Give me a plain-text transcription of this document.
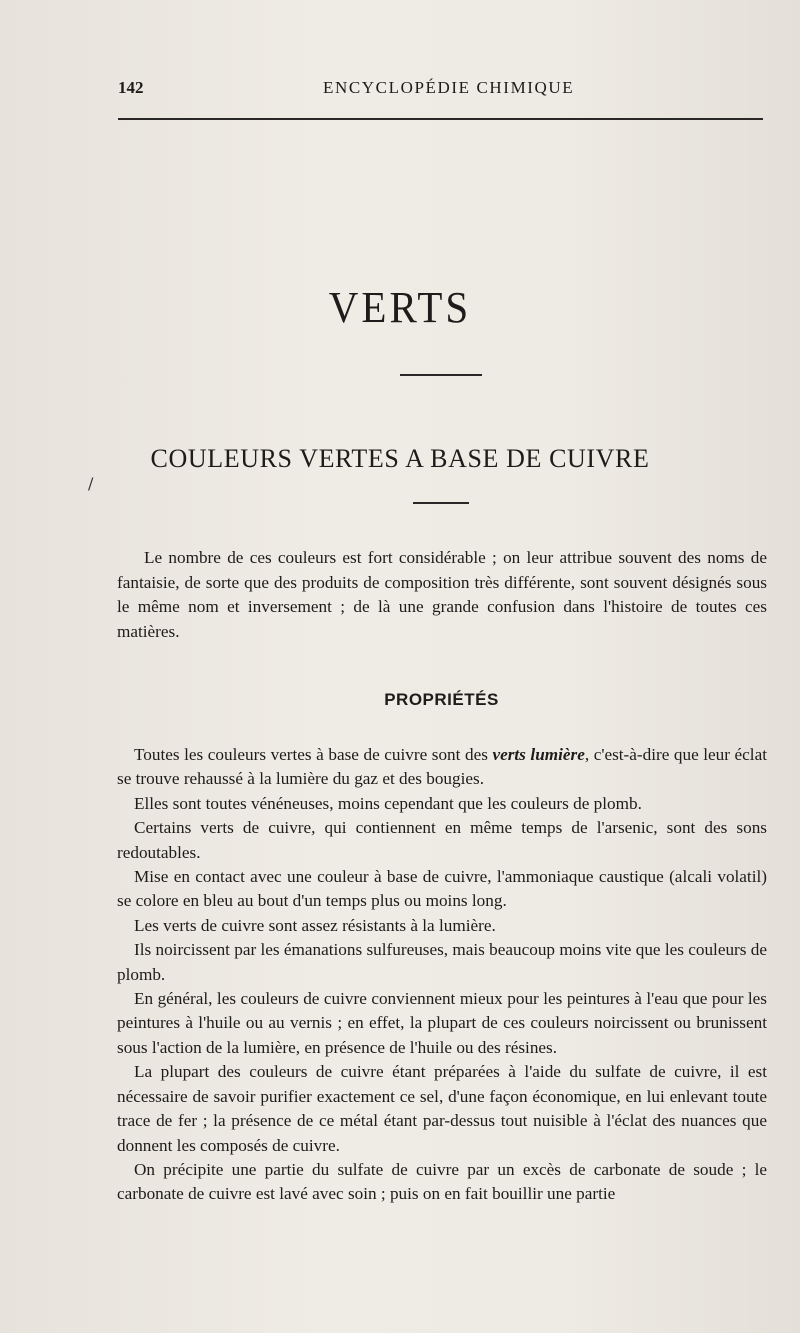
142	ENCYCLOPÉDIE CHIMIQUE
VERTS
COULEURS VERTES A BASE DE CUIVRE
/

Le nombre de ces couleurs est fort considérable ; on leur attribue souvent des noms de fantaisie, de sorte que des produits de composition très différente, sont souvent désignés sous le même nom et inversement ; de là une grande confusion dans l'histoire de toutes ces matières.

PROPRIÉTÉS

Toutes les couleurs vertes à base de cuivre sont des verts lumière, c'est-à-dire que leur éclat se trouve rehaussé à la lumière du gaz et des bougies.

Elles sont toutes vénéneuses, moins cependant que les couleurs de plomb.

Certains verts de cuivre, qui contiennent en même temps de l'arsenic, sont des sons redoutables.

Mise en contact avec une couleur à base de cuivre, l'ammoniaque caustique (alcali volatil) se colore en bleu au bout d'un temps plus ou moins long.

Les verts de cuivre sont assez résistants à la lumière.

Ils noircissent par les émanations sulfureuses, mais beaucoup moins vite que les couleurs de plomb.

En général, les couleurs de cuivre conviennent mieux pour les peintures à l'eau que pour les peintures à l'huile ou au vernis ; en effet, la plupart de ces couleurs noircissent ou brunissent sous l'action de la lumière, en présence de l'huile ou des résines.

La plupart des couleurs de cuivre étant préparées à l'aide du sulfate de cuivre, il est nécessaire de savoir purifier exactement ce sel, d'une façon économique, en lui enlevant toute trace de fer ; la présence de ce métal étant par-dessus tout nuisible à l'éclat des nuances que donnent les composés de cuivre.

On précipite une partie du sulfate de cuivre par un excès de carbonate de soude ; le carbonate de cuivre est lavé avec soin ; puis on en fait bouillir une partie
